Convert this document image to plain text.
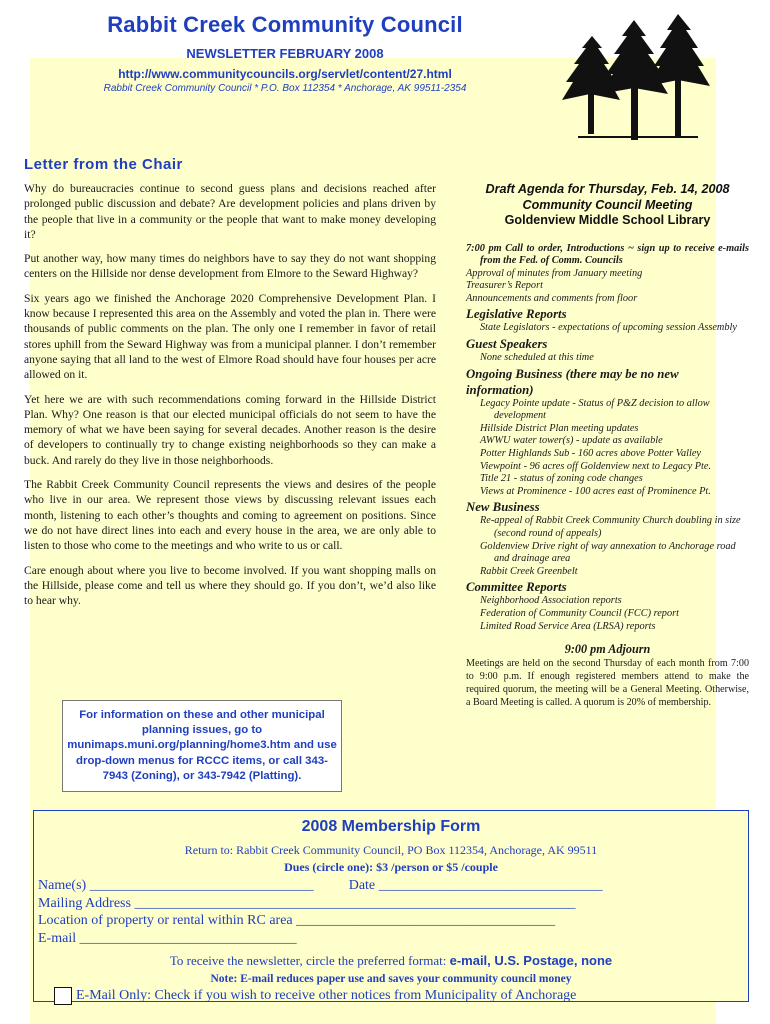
Rabbit Creek Community Council
NEWSLETTER FEBRUARY 2008
http://www.communitycouncils.org/servlet/content/27.html
Rabbit Creek Community Council * P.O. Box 112354 * Anchorage, AK 99511-2354
Letter from the Chair

Why do bureaucracies continue to second guess plans and decisions reached after prolonged public discussion and debate? Are development policies and plans driven by the people that live in a community or the people that want to make money developing it?

Put another way, how many times do neighbors have to say they do not want shopping centers on the Hillside nor dense development from Elmore to the Seward Highway?

Six years ago we finished the Anchorage 2020 Comprehensive Development Plan. I know because I represented this area on the Assembly and voted the plan in. There were thousands of public comments on the plan. The only one I remember in favor of retail stores uphill from the Seward Highway was from a municipal planner. I don’t remember anyone saying that all land to the west of Elmore Road should have four houses per acre allowed on it.

Yet here we are with such recommendations coming forward in the Hillside District Plan. Why? One reason is that our elected municipal officials do not seem to have the memory of what we have been saying for several decades. Another reason is the desire of developers to continually try to change existing neighborhoods so they can make a buck. And rarely do they live in those neighborhoods.

The Rabbit Creek Community Council represents the views and desires of the people who live in our area. We represent those views by discussing relevant issues each month, listening to each other’s thoughts and coming to agreement on positions. Since we do not have direct lines into each and every house in the area, we are only able to listen to those who come to the meetings and who write to us or call.

Care enough about where you live to become involved. If you want shopping malls on the Hillside, please come and tell us where they should go. If you don’t, we’d also like to hear why.

Draft Agenda for Thursday, Feb. 14, 2008
Community Council Meeting
Goldenview Middle School Library
7:00 pm Call to order, Introductions ~ sign up to receive e-mails from the Fed. of Comm. Councils
Approval of minutes from January meeting
Treasurer’s Report
Announcements and comments from floor
Legislative Reports
State Legislators - expectations of upcoming session Assembly
Guest Speakers
None scheduled at this time
Ongoing Business (there may be no new information)
Legacy Pointe update - Status of P&Z decision to allow development
Hillside District Plan meeting updates
AWWU water tower(s) - update as available
Potter Highlands Sub - 160 acres above Potter Valley
Viewpoint - 96 acres off Goldenview next to Legacy Pte.
Title 21 - status of zoning code changes
Views at Prominence - 100 acres east of Prominence Pt.
New Business
Re-appeal of Rabbit Creek Community Church doubling in size (second round of appeals)
Goldenview Drive right of way annexation to Anchorage road and drainage area
Rabbit Creek Greenbelt
Committee Reports
Neighborhood Association reports
Federation of Community Council (FCC) report
Limited Road Service Area (LRSA) reports
9:00 pm Adjourn
Meetings are held on the second Thursday of each month from 7:00 to 9:00 p.m. If enough registered members attend to make the required quorum, the meeting will be a General Meeting. Otherwise, a Board Meeting is called. A quorum is 20% of membership.
For information on these and other municipal planning issues, go to munimaps.muni.org/planning/home3.htm and use drop-down menus for RCCC items, or call 343-7943 (Zoning), or 343-7942 (Platting).
2008 Membership Form
Return to: Rabbit Creek Community Council, PO Box 112354, Anchorage, AK 99511
Dues (circle one): $3 /person or $5 /couple
Name(s) ________________________________	Date ________________________________
Mailing Address _______________________________________________________________
Location of property or rental within RC area _____________________________________
E-mail _______________________________
To receive the newsletter, circle the preferred format: e-mail, U.S. Postage, none
Note: E-mail reduces paper use and saves your community council money
E-Mail Only: Check if you wish to receive other notices from Municipality of Anchorage
